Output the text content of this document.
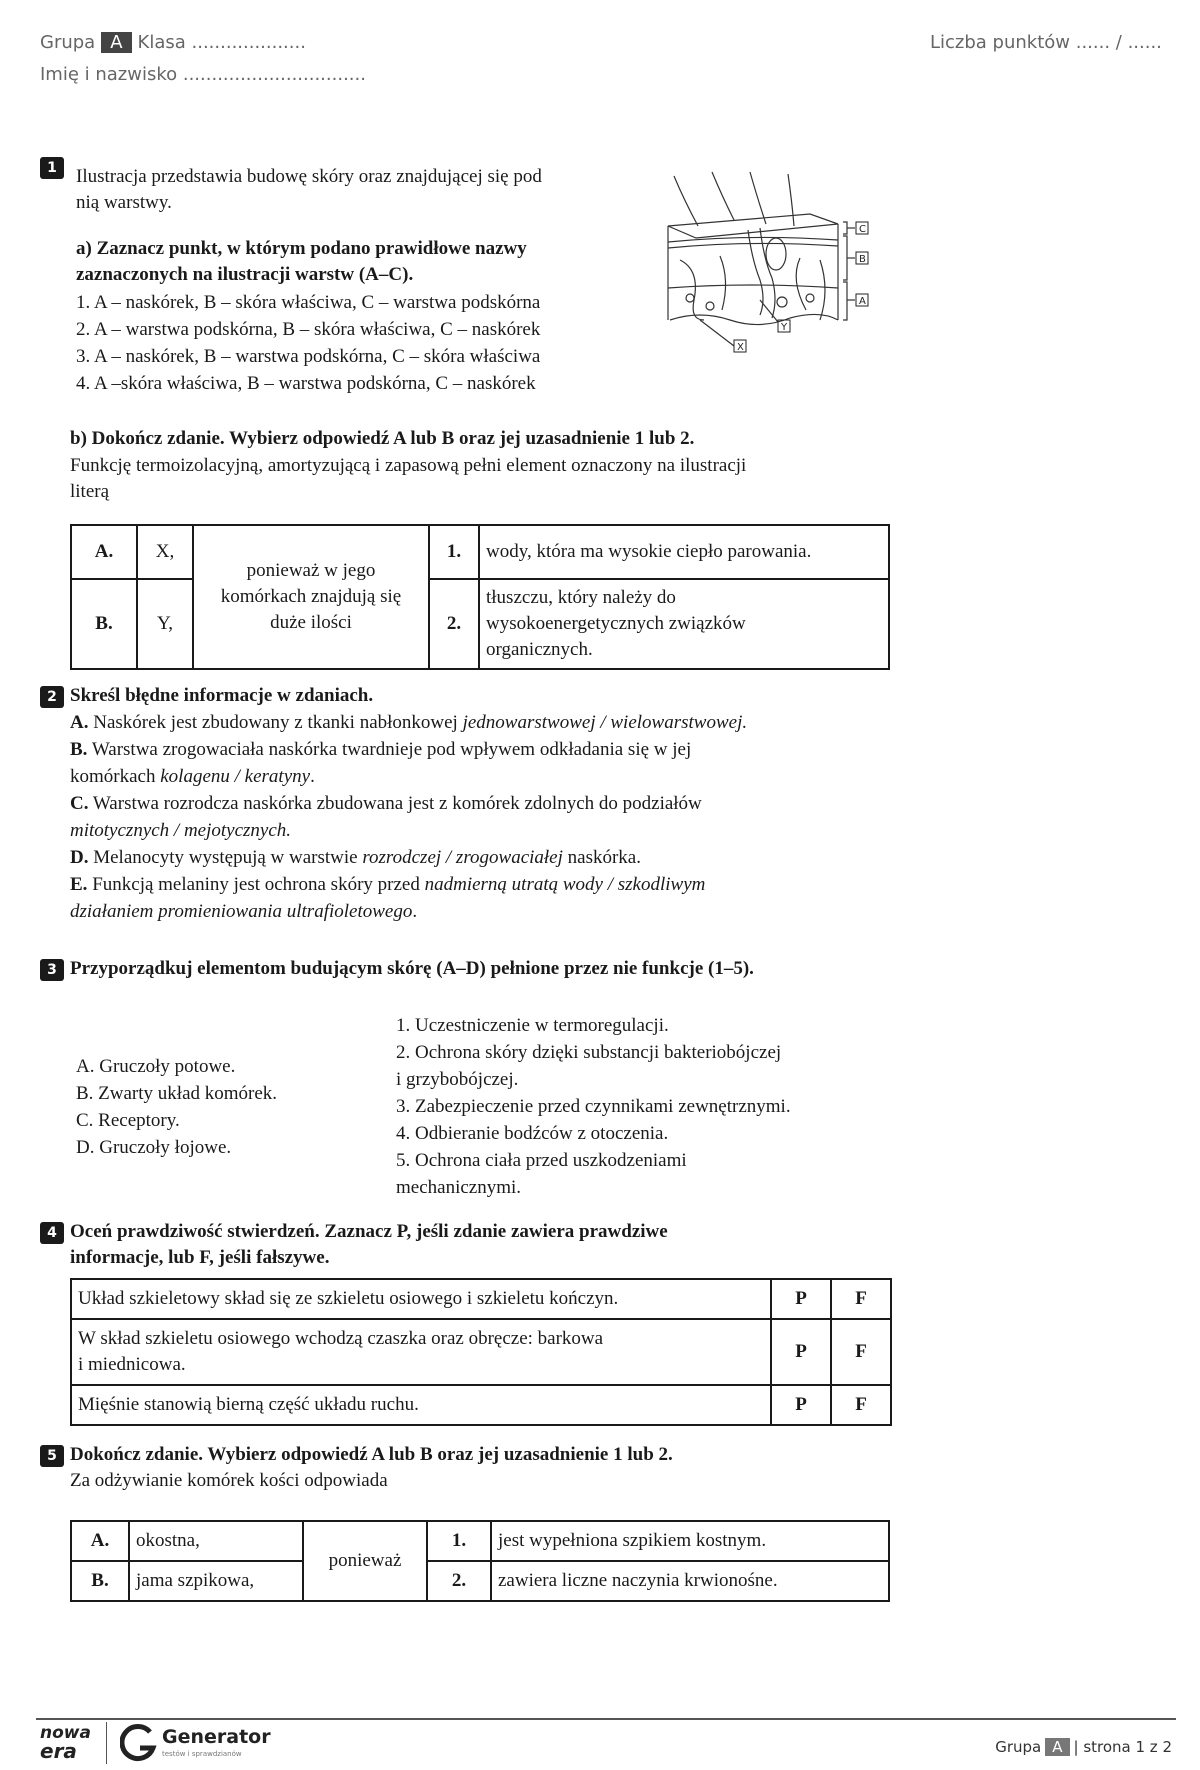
Grupa A Klasa ....................	Liczba punktów ...... / ......
Imię i nazwisko ................................
1	Ilustracja przedstawia budowę skóry oraz znajdującej się pod
nią warstwy.
a) Zaznacz punkt, w którym podano prawidłowe nazwy
zaznaczonych na ilustracji warstw (A–C).
1. A – naskórek, B – skóra właściwa, C – warstwa podskórna
2. A – warstwa podskórna, B – skóra właściwa, C – naskórek
3. A – naskórek, B – warstwa podskórna, C – skóra właściwa
4. A –skóra właściwa, B – warstwa podskórna, C – naskórek
C
B
A
X
Y
b) Dokończ zdanie. Wybierz odpowiedź A lub B oraz jej uzasadnienie 1 lub 2.
Funkcję termoizolacyjną, amortyzującą i zapasową pełni element oznaczony na ilustracji
literą
A.	X,	ponieważ w jego
komórkach znajdują się
duże ilości	1.	wody, która ma wysokie ciepło parowania.
B.	Y,		2.	tłuszczu, który należy do
wysokoenergetycznych związków
organicznych.
2 Skreśl błędne informacje w zdaniach.
A. Naskórek jest zbudowany z tkanki nabłonkowej jednowarstwowej / wielowarstwowej.
B. Warstwa zrogowaciała naskórka twardnieje pod wpływem odkładania się w jej
komórkach kolagenu / keratyny.
C. Warstwa rozrodcza naskórka zbudowana jest z komórek zdolnych do podziałów
mitotycznych / mejotycznych.
D. Melanocyty występują w warstwie rozrodczej / zrogowaciałej naskórka.
E. Funkcją melaniny jest ochrona skóry przed nadmierną utratą wody / szkodliwym
działaniem promieniowania ultrafioletowego.
3 Przyporządkuj elementom budującym skórę (A–D) pełnione przez nie funkcje (1–5).
A. Gruczoły potowe.
B. Zwarty układ komórek.
C. Receptory.
D. Gruczoły łojowe.
1. Uczestniczenie w termoregulacji.
2. Ochrona skóry dzięki substancji bakteriobójczej
i grzybobójczej.
3. Zabezpieczenie przed czynnikami zewnętrznymi.
4. Odbieranie bodźców z otoczenia.
5. Ochrona ciała przed uszkodzeniami
mechanicznymi.
4 Oceń prawdziwość stwierdzeń. Zaznacz P, jeśli zdanie zawiera prawdziwe
informacje, lub F, jeśli fałszywe.
Układ szkieletowy skład się ze szkieletu osiowego i szkieletu kończyn.	P	F

W skład szkieletu osiowego wchodzą czaszka oraz obręcze: barkowa
i miednicowa.	P	F
Mięśnie stanowią bierną część układu ruchu.	P	F
5 Dokończ zdanie. Wybierz odpowiedź A lub B oraz jej uzasadnienie 1 lub 2.
Za odżywianie komórek kości odpowiada
A.	okostna,	ponieważ	1.	jest wypełniona szpikiem kostnym.
B.	jama szpikowa,		2.	zawiera liczne naczynia krwionośne.
nowa
era
Generator
testów i sprawdzianów	Grupa A | strona 1 z 2
